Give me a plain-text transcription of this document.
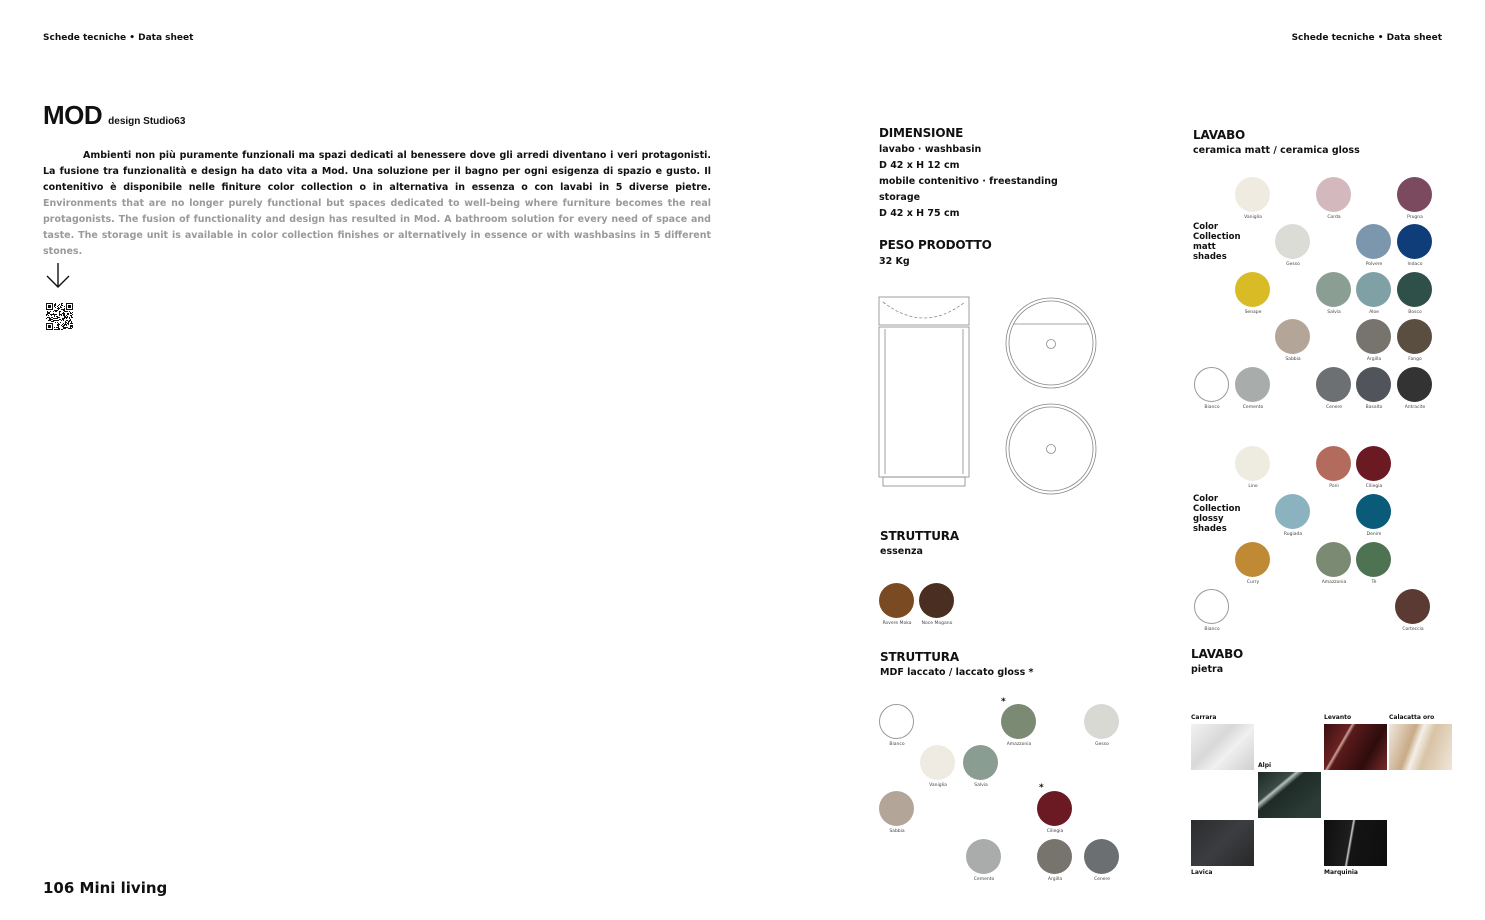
Schede tecniche • Data sheet	Schede tecniche • Data sheet
MOD design Studio63
Ambienti non più puramente funzionali ma spazi dedicati al benessere dove gli arredi diventano i veri protagonisti. La fusione tra funzionalità e design ha dato vita a Mod. Una soluzione per il bagno per ogni esigenza di spazio e gusto. Il contenitivo è disponibile nelle finiture color collection o in alternativa in essenza o con lavabi in 5 diverse pietre. Environments that are no longer purely functional but spaces dedicated to well-being where furniture becomes the real protagonists. The fusion of functionality and design has resulted in Mod. A bathroom solution for every need of space and taste. The storage unit is available in color collection finishes or alternatively in essence or with washbasins in 5 different stones.
106 Mini living
DIMENSIONE
lavabo · washbasin
D 42 x H 12 cm
mobile contenitivo · freestanding
storage
D 42 x H 75 cm
PESO PRODOTTO
32 Kg
STRUTTURA
essenza
Rovere Moka	Noce Mogano
STRUTTURA
MDF laccato / laccato gloss *
Bianco	Amazzonia	Gesso
Vaniglia	Salvia
Sabbia	Ciliegia
Cemento	Argilla	Cenere
*
*
LAVABO
ceramica matt / ceramica gloss
Color Collection matt shades
Color Collection glossy shades
Vaniglia	Corda	Prugna
Gesso	Polvere	Indaco
Senape	Salvia	Aloe	Bosco
Sabbia	Argilla	Fango
Bianco	Cemento	Cenere	Basalto	Antracite
Lino	Ponì	Ciliegia
Rugiada	Denim
Curry	Amazzonia	Tè
Bianco	Corteccia
LAVABO
pietra
Carrara	Levanto	Calacatta oro
Alpi
Lavica	Marquinia
